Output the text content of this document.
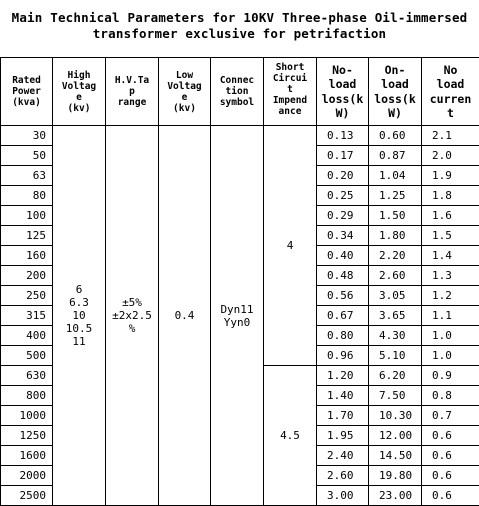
Main Technical Parameters for 10KV Three-phase Oil-immersed
transformer exclusive for petrifaction
Rated
Power
(kva)	High
Voltag
e
(kv)	H.V.Ta
p
range	Low
Voltag
e
(kv)	Connec
tion
symbol	Short
Circui
t
Impend
ance	No-
load
loss(k
W)	On-
load
loss(k
W)	No
load
curren
t

30	6
6.3
10
10.5
11	±5%
±2x2.5
%	0.4	Dyn11
Yyn0	4	0.13	0.60	2.1
50						0.17	0.87	2.0
63						0.20	1.04	1.9
80						0.25	1.25	1.8
100						0.29	1.50	1.6
125						0.34	1.80	1.5
160						0.40	2.20	1.4
200						0.48	2.60	1.3
250						0.56	3.05	1.2
315						0.67	3.65	1.1
400						0.80	4.30	1.0
500						0.96	5.10	1.0
630					4.5	1.20	6.20	0.9
800						1.40	7.50	0.8
1000						1.70	10.30	0.7
1250						1.95	12.00	0.6
1600						2.40	14.50	0.6
2000						2.60	19.80	0.6
2500						3.00	23.00	0.6
